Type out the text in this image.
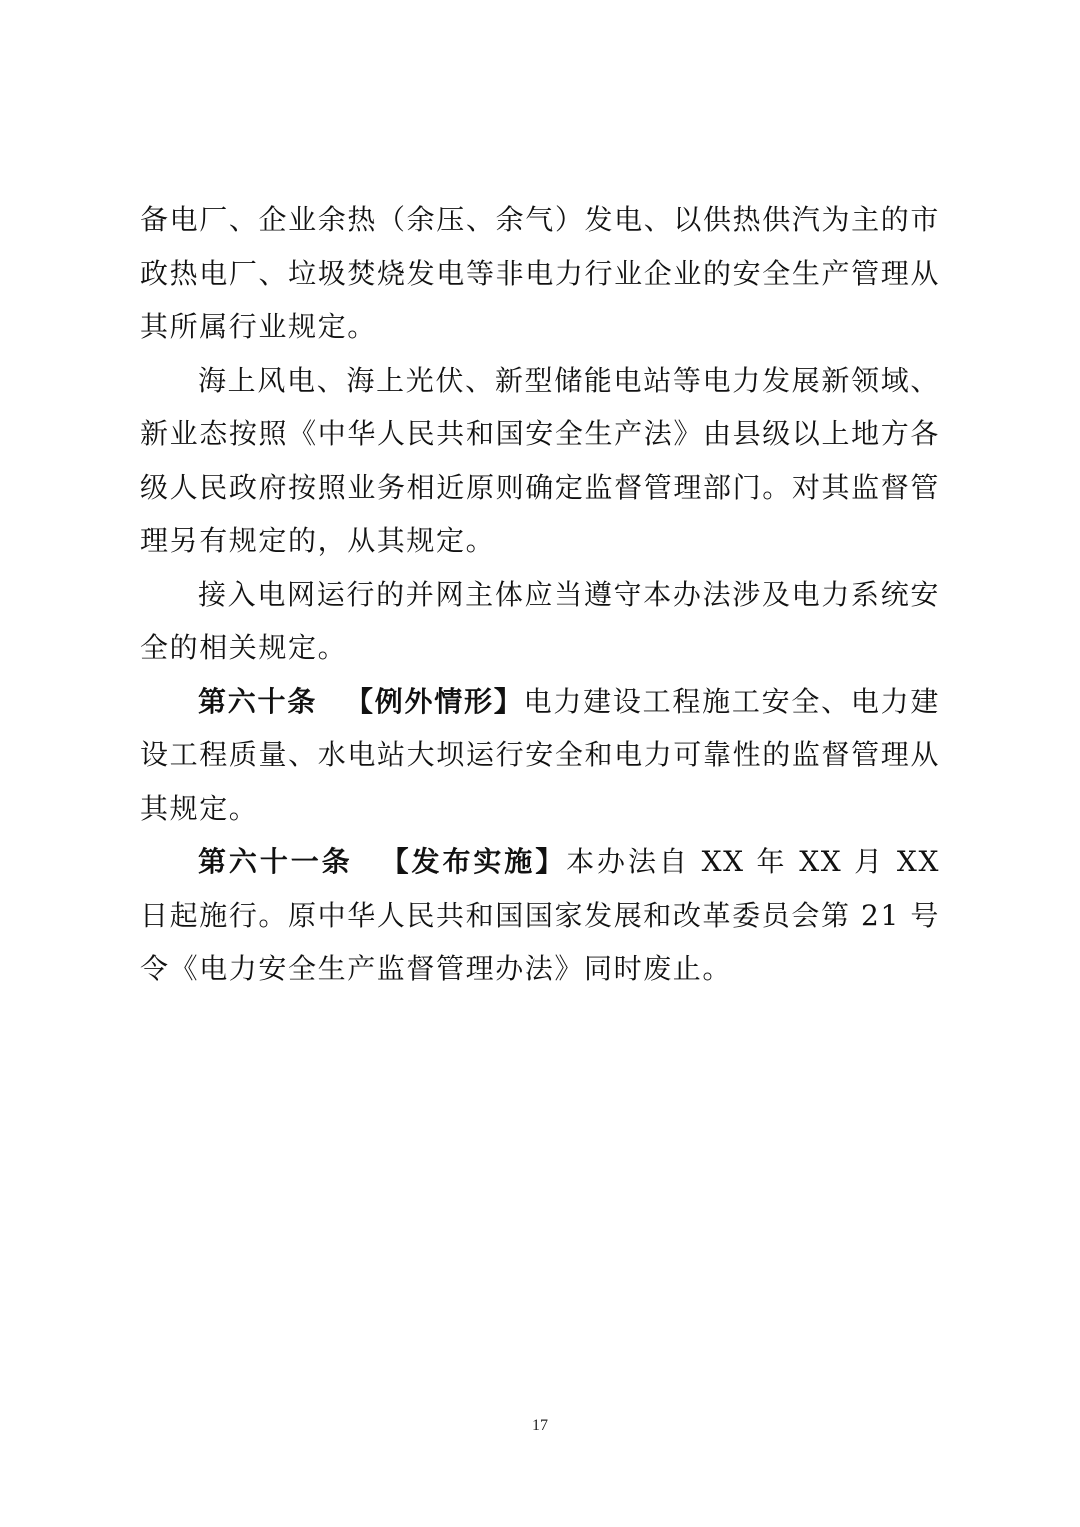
备电厂、企业余热（余压、余气）发电、以供热供汽为主的市政热电厂、垃圾焚烧发电等非电力行业企业的安全生产管理从其所属行业规定。

海上风电、海上光伏、新型储能电站等电力发展新领域、新业态按照《中华人民共和国安全生产法》由县级以上地方各级人民政府按照业务相近原则确定监督管理部门。对其监督管理另有规定的，从其规定。

接入电网运行的并网主体应当遵守本办法涉及电力系统安全的相关规定。

第六十条 【例外情形】电力建设工程施工安全、电力建设工程质量、水电站大坝运行安全和电力可靠性的监督管理从其规定。

第六十一条 【发布实施】本办法自 XX 年 XX 月 XX 日起施行。原中华人民共和国国家发展和改革委员会第 21 号令《电力安全生产监督管理办法》同时废止。

17
